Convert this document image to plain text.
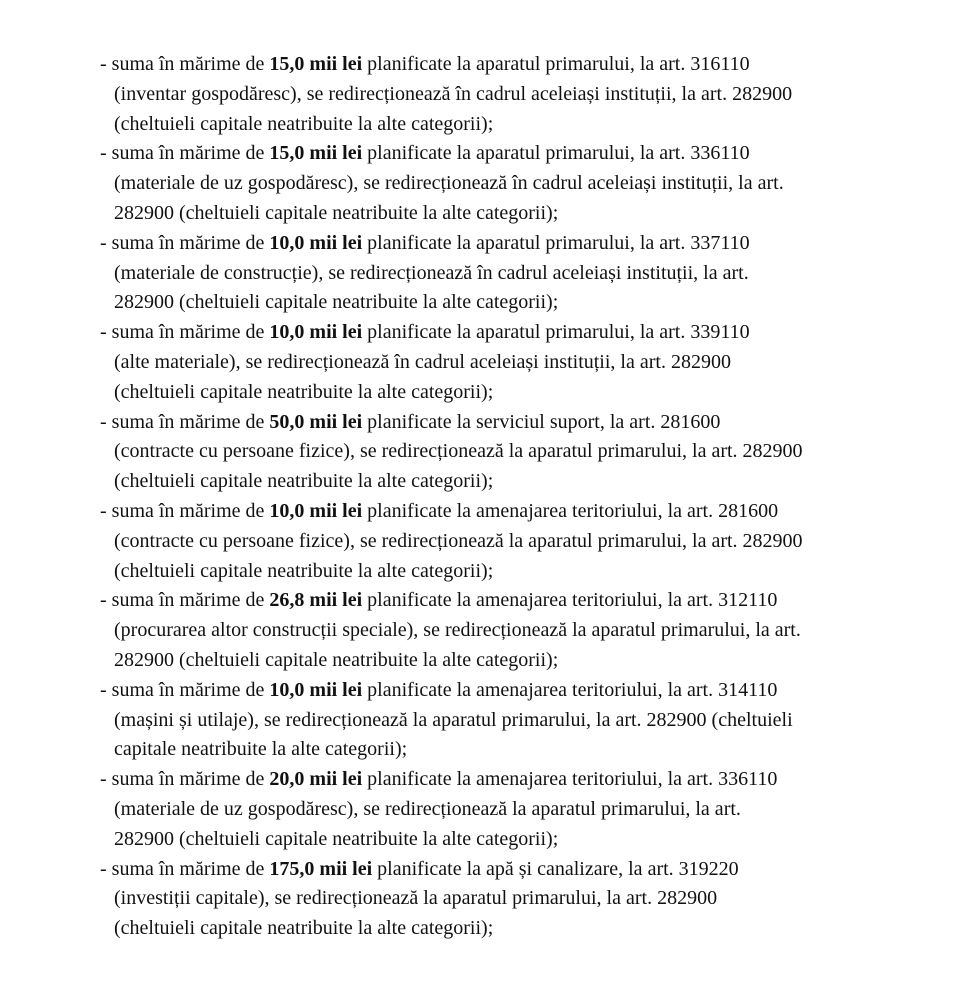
- suma în mărime de 15,0 mii lei planificate la aparatul primarului, la art. 316110
(inventar gospodăresc), se redirecționează în cadrul aceleiași instituții, la art. 282900
(cheltuieli capitale neatribuite la alte categorii);

- suma în mărime de 15,0 mii lei planificate la aparatul primarului, la art. 336110
(materiale de uz gospodăresc), se redirecționează în cadrul aceleiași instituții, la art.
282900 (cheltuieli capitale neatribuite la alte categorii);

- suma în mărime de 10,0 mii lei planificate la aparatul primarului, la art. 337110
(materiale de construcție), se redirecționează în cadrul aceleiași instituții, la art.
282900 (cheltuieli capitale neatribuite la alte categorii);

- suma în mărime de 10,0 mii lei planificate la aparatul primarului, la art. 339110
(alte materiale), se redirecționează în cadrul aceleiași instituții, la art. 282900
(cheltuieli capitale neatribuite la alte categorii);

- suma în mărime de 50,0 mii lei planificate la serviciul suport, la art. 281600
(contracte cu persoane fizice), se redirecționează la aparatul primarului, la art. 282900
(cheltuieli capitale neatribuite la alte categorii);

- suma în mărime de 10,0 mii lei planificate la amenajarea teritoriului, la art. 281600
(contracte cu persoane fizice), se redirecționează la aparatul primarului, la art. 282900
(cheltuieli capitale neatribuite la alte categorii);

- suma în mărime de 26,8 mii lei planificate la amenajarea teritoriului, la art. 312110
(procurarea altor construcții speciale), se redirecționează la aparatul primarului, la art.
282900 (cheltuieli capitale neatribuite la alte categorii);

- suma în mărime de 10,0 mii lei planificate la amenajarea teritoriului, la art. 314110
(mașini și utilaje), se redirecționează la aparatul primarului, la art. 282900 (cheltuieli
capitale neatribuite la alte categorii);

- suma în mărime de 20,0 mii lei planificate la amenajarea teritoriului, la art. 336110
(materiale de uz gospodăresc), se redirecționează la aparatul primarului, la art.
282900 (cheltuieli capitale neatribuite la alte categorii);

- suma în mărime de 175,0 mii lei planificate la apă și canalizare, la art. 319220
(investiții capitale), se redirecționează la aparatul primarului, la art. 282900
(cheltuieli capitale neatribuite la alte categorii);
